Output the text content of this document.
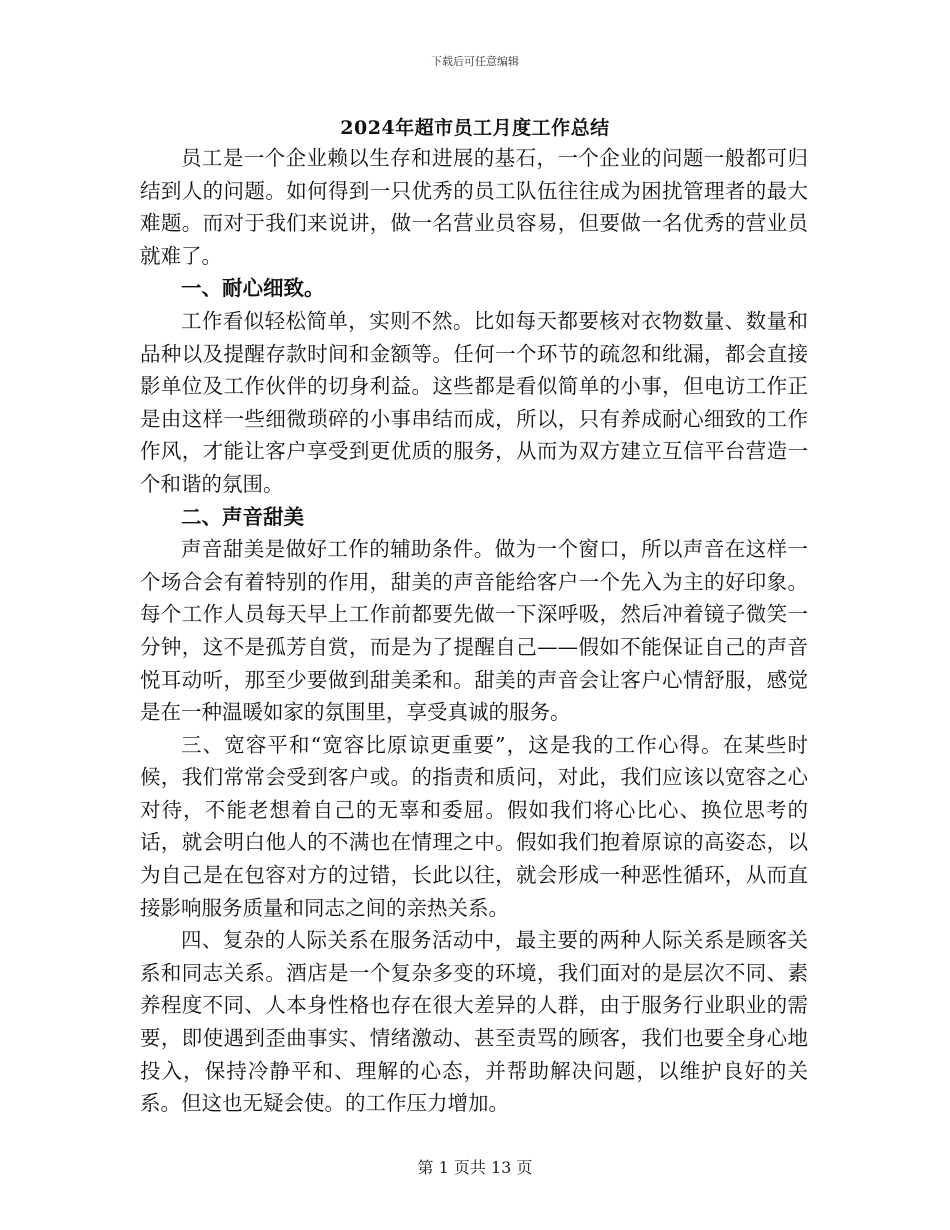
下载后可任意编辑
2024年超市员工月度工作总结

员工是一个企业赖以生存和进展的基石，一个企业的问题一般都可归结到人的问题。如何得到一只优秀的员工队伍往往成为困扰管理者的最大难题。而对于我们来说讲，做一名营业员容易，但要做一名优秀的营业员就难了。

一、耐心细致。

工作看似轻松简单，实则不然。比如每天都要核对衣物数量、数量和品种以及提醒存款时间和金额等。任何一个环节的疏忽和纰漏，都会直接影单位及工作伙伴的切身利益。这些都是看似简单的小事，但电访工作正是由这样一些细微琐碎的小事串结而成，所以，只有养成耐心细致的工作作风，才能让客户享受到更优质的服务，从而为双方建立互信平台营造一个和谐的氛围。

二、声音甜美

声音甜美是做好工作的辅助条件。做为一个窗口，所以声音在这样一个场合会有着特别的作用，甜美的声音能给客户一个先入为主的好印象。每个工作人员每天早上工作前都要先做一下深呼吸，然后冲着镜子微笑一分钟，这不是孤芳自赏，而是为了提醒自己——假如不能保证自己的声音悦耳动听，那至少要做到甜美柔和。甜美的声音会让客户心情舒服，感觉是在一种温暖如家的氛围里，享受真诚的服务。

三、宽容平和“宽容比原谅更重要”，这是我的工作心得。在某些时候，我们常常会受到客户或。的指责和质问，对此，我们应该以宽容之心对待，不能老想着自己的无辜和委屈。假如我们将心比心、换位思考的话，就会明白他人的不满也在情理之中。假如我们抱着原谅的高姿态，以为自己是在包容对方的过错，长此以往，就会形成一种恶性循环，从而直接影响服务质量和同志之间的亲热关系。

四、复杂的人际关系在服务活动中，最主要的两种人际关系是顾客关系和同志关系。酒店是一个复杂多变的环境，我们面对的是层次不同、素养程度不同、人本身性格也存在很大差异的人群，由于服务行业职业的需要，即使遇到歪曲事实、情绪激动、甚至责骂的顾客，我们也要全身心地投入，保持冷静平和、理解的心态，并帮助解决问题，以维护良好的关系。但这也无疑会使。的工作压力增加。

第 1 页共 13 页
